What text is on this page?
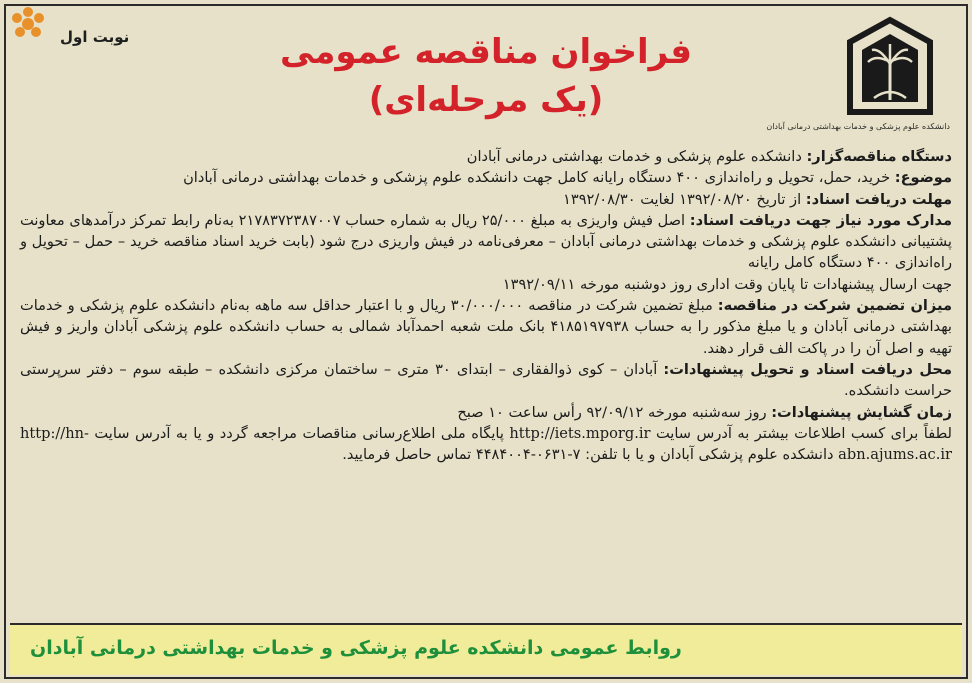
نوبت اول
دانشکده علوم پزشکی و خدمات بهداشتی درمانی آبادان
فراخوان مناقصه عمومی
(یک مرحله‌ای)

دستگاه مناقصه‌گزار: دانشکده علوم پزشکی و خدمات بهداشتی درمانی آبادان

موضوع: خرید، حمل، تحویل و راه‌اندازی ۴۰۰ دستگاه رایانه کامل جهت دانشکده علوم پزشکی و خدمات بهداشتی درمانی آبادان

مهلت دریافت اسناد: از تاریخ ۱۳۹۲/۰۸/۲۰ لغایت ۱۳۹۲/۰۸/۳۰

مدارک مورد نیاز جهت دریافت اسناد: اصل فیش واریزی به مبلغ ۲۵/۰۰۰ ریال به شماره حساب ۲۱۷۸۳۷۲۳۸۷۰۰۷ به‌نام رابط تمرکز درآمدهای معاونت پشتیبانی دانشکده علوم پزشکی و خدمات بهداشتی درمانی آبادان – معرفی‌نامه در فیش واریزی درج شود (بابت خرید اسناد مناقصه خرید – حمل – تحویل و راه‌اندازی ۴۰۰ دستگاه کامل رایانه

جهت ارسال پیشنهادات تا پایان وقت اداری روز دوشنبه مورخه ۱۳۹۲/۰۹/۱۱

میزان تضمین شرکت در مناقصه: مبلغ تضمین شرکت در مناقصه ۳۰/۰۰۰/۰۰۰ ریال و با اعتبار حداقل سه ماهه به‌نام دانشکده علوم پزشکی و خدمات بهداشتی درمانی آبادان و یا مبلغ مذکور را به حساب ۴۱۸۵۱۹۷۹۳۸ بانک ملت شعبه احمدآباد شمالی به حساب دانشکده علوم پزشکی آبادان واریز و فیش تهیه و اصل آن را در پاکت الف قرار دهند.

محل دریافت اسناد و تحویل پیشنهادات: آبادان – کوی ذوالفقاری – ابتدای ۳۰ متری – ساختمان مرکزی دانشکده – طبقه سوم – دفتر سرپرستی حراست دانشکده.

زمان گشایش پیشنهادات: روز سه‌شنبه مورخه ۹۲/۰۹/۱۲ رأس ساعت ۱۰ صبح

لطفاً برای کسب اطلاعات بیشتر به آدرس سایت http://iets.mporg.ir پایگاه ملی اطلاع‌رسانی مناقصات مراجعه گردد و یا به آدرس سایت http://hn-abn.ajums.ac.ir دانشکده علوم پزشکی آبادان و یا با تلفن: ۷-۰۶۳۱-۴۴۸۴۰۰۴ تماس حاصل فرمایید.

روابط عمومی دانشکده علوم پزشکی و خدمات بهداشتی درمانی آبادان
